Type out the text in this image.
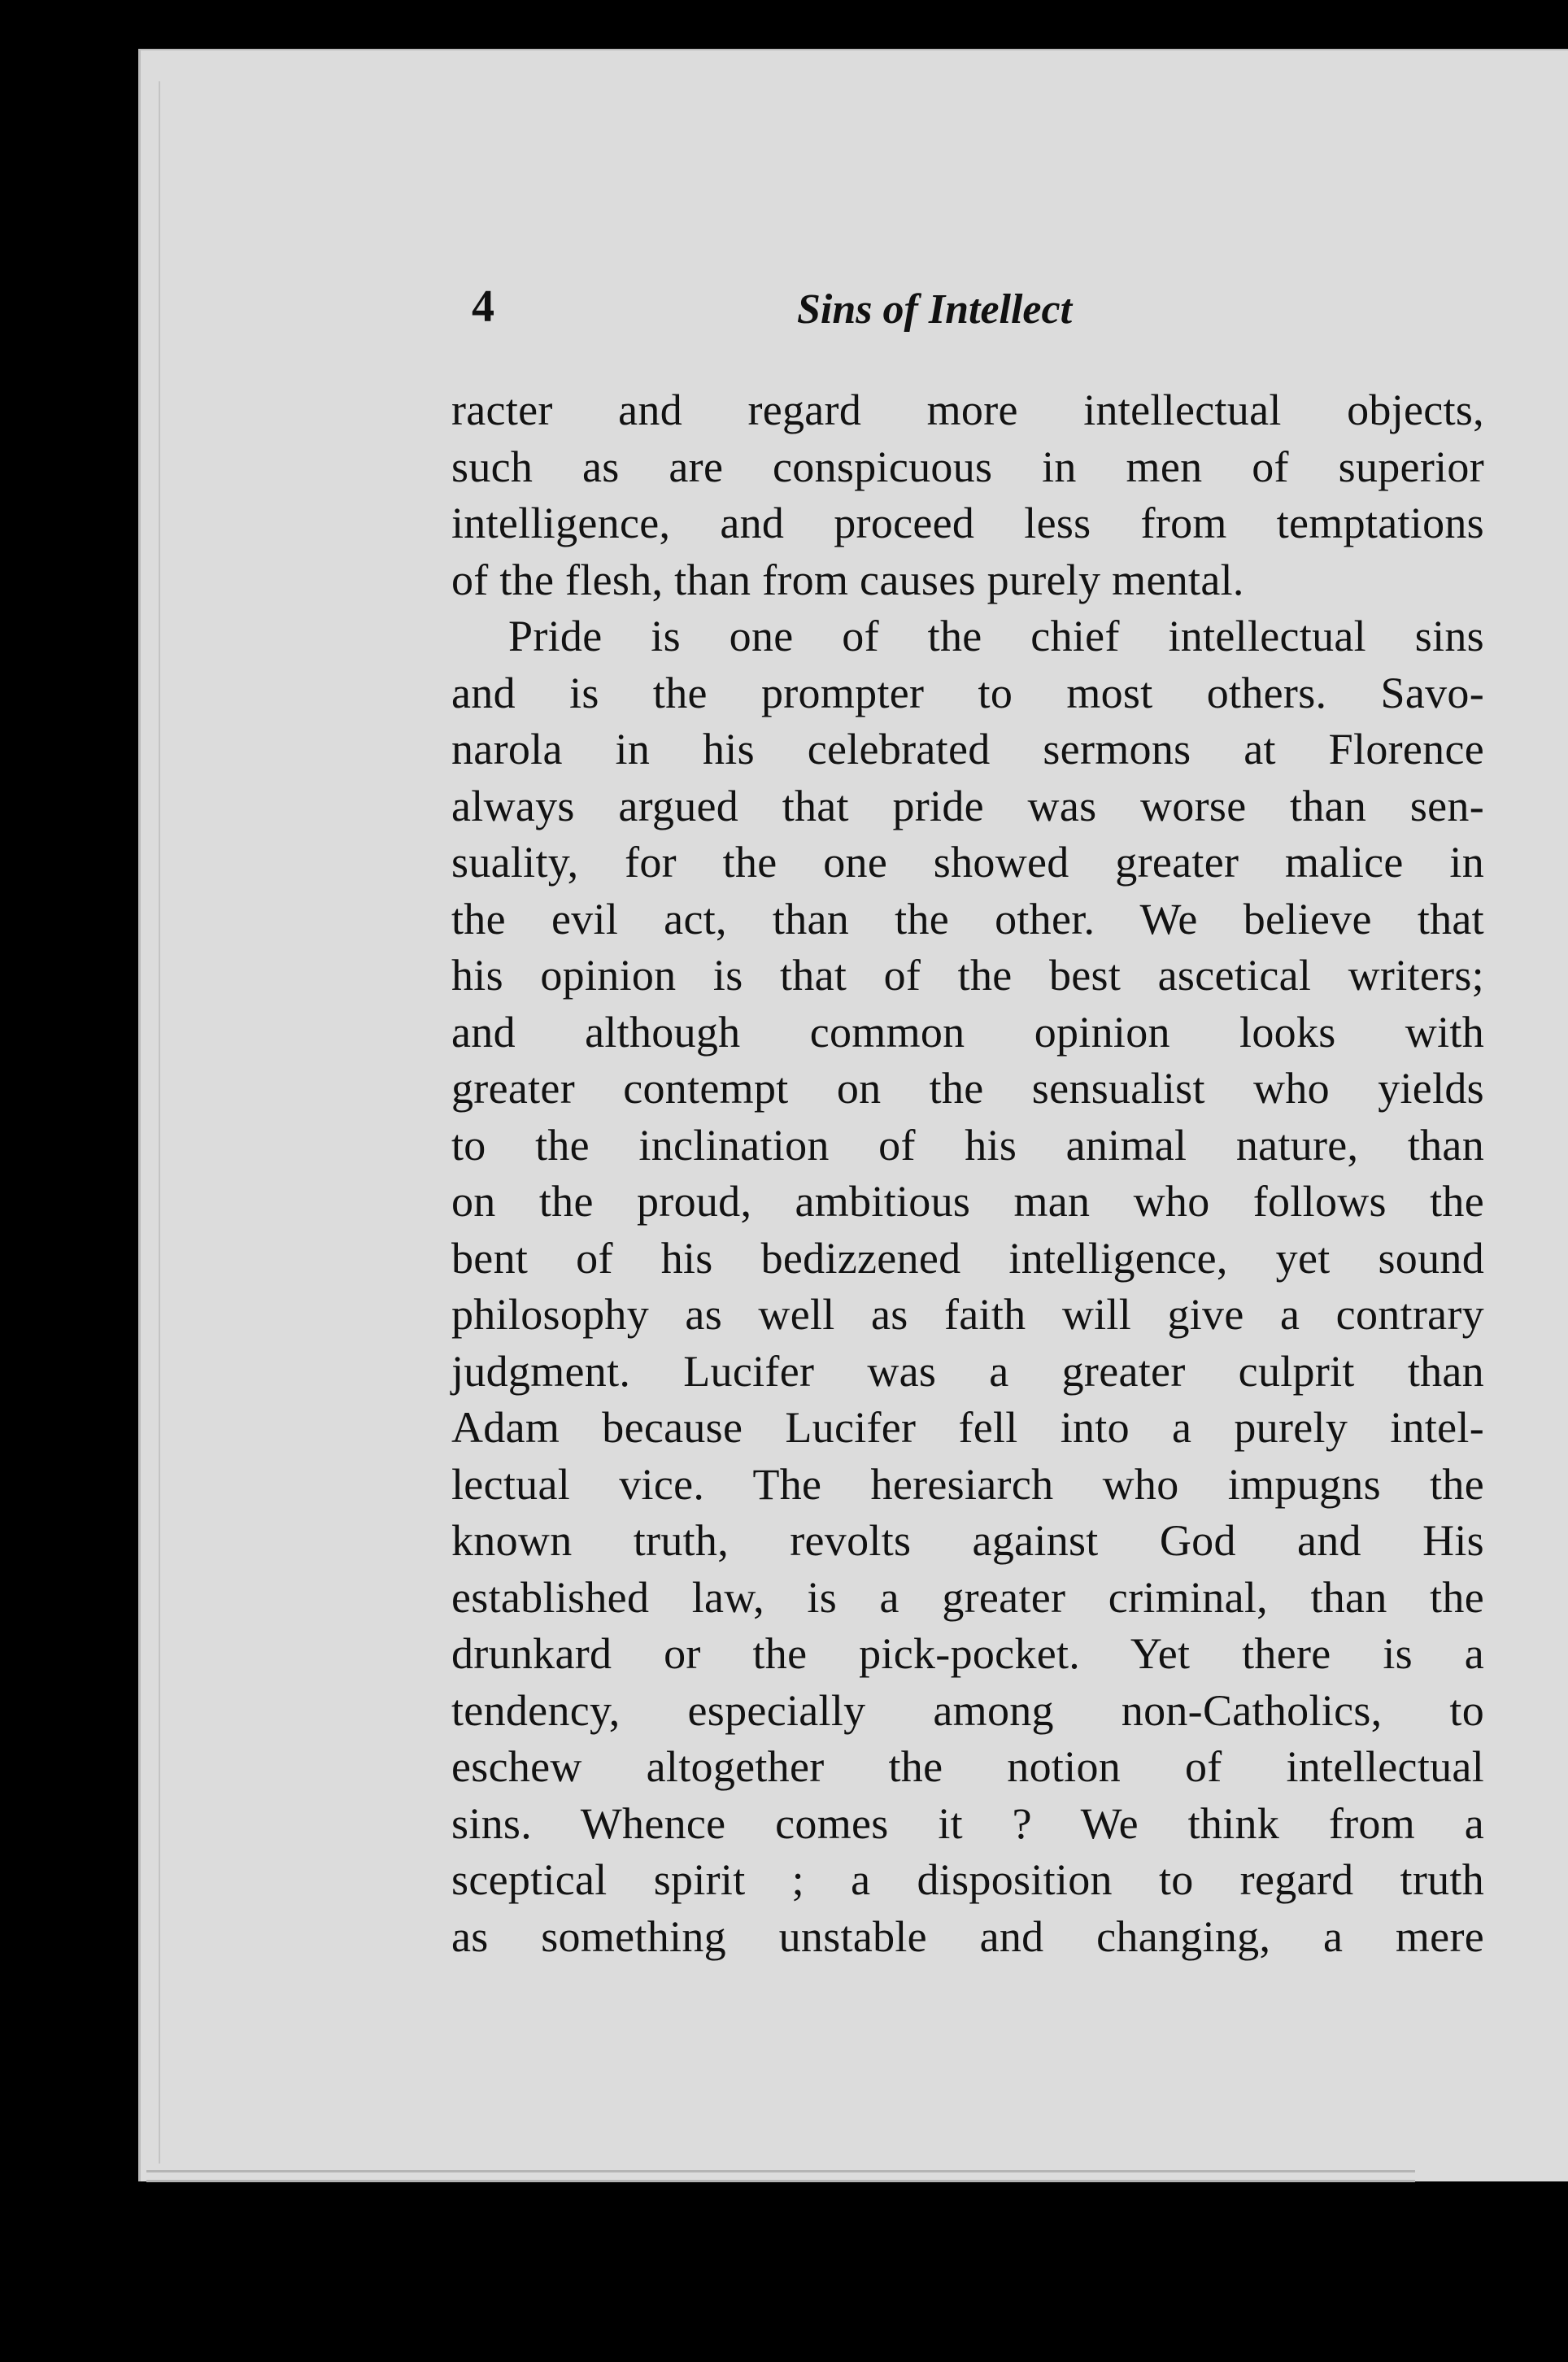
4	Sins of Intellect
racter and regard more intellectual objects,
such as are conspicuous in men of superior
intelligence, and proceed less from temptations
of the flesh, than from causes purely mental.
Pride is one of the chief intellectual sins
and is the prompter to most others. Savo-
narola in his celebrated sermons at Florence
always argued that pride was worse than sen-
suality, for the one showed greater malice in
the evil act, than the other. We believe that
his opinion is that of the best ascetical writers;
and although common opinion looks with
greater contempt on the sensualist who yields
to the inclination of his animal nature, than
on the proud, ambitious man who follows the
bent of his bedizzened intelligence, yet sound
philosophy as well as faith will give a contrary
judgment. Lucifer was a greater culprit than
Adam because Lucifer fell into a purely intel-
lectual vice. The heresiarch who impugns the
known truth, revolts against God and His
established law, is a greater criminal, than the
drunkard or the pick-pocket. Yet there is a
tendency, especially among non-Catholics, to
eschew altogether the notion of intellectual
sins. Whence comes it ? We think from a
sceptical spirit ; a disposition to regard truth
as something unstable and changing, a mere
